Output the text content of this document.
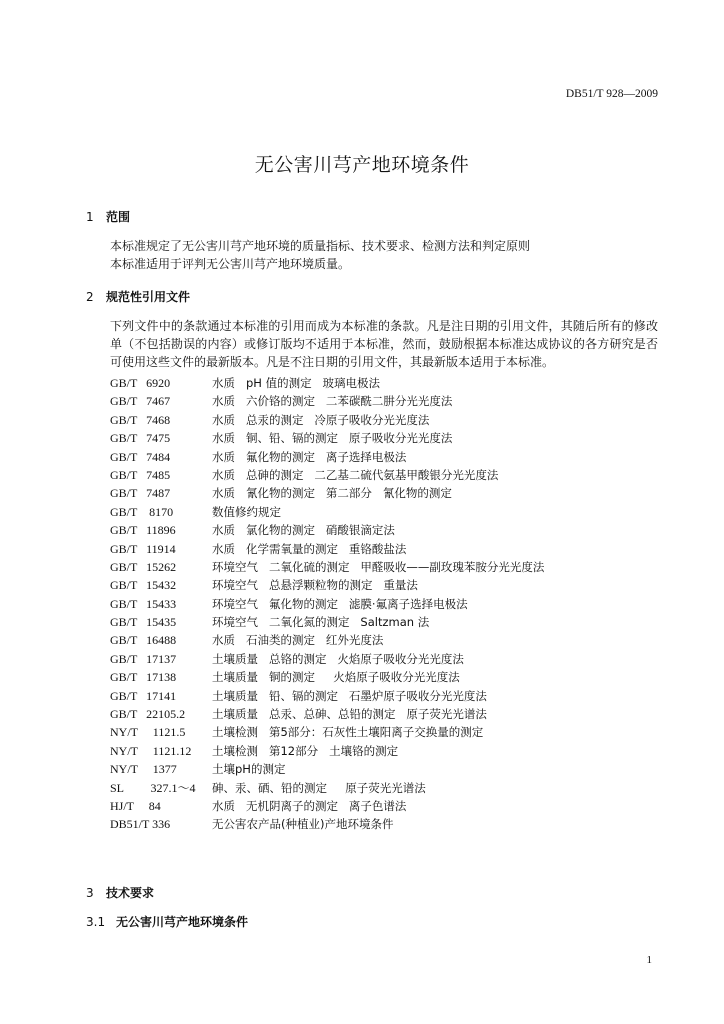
DB51/T 928—2009
无公害川芎产地环境条件
1 范围

本标准规定了无公害川芎产地环境的质量指标、技术要求、检测方法和判定原则

本标准适用于评判无公害川芎产地环境质量。

2 规范性引用文件

下列文件中的条款通过本标准的引用而成为本标准的条款。凡是注日期的引用文件，其随后所有的修改单（不包括勘误的内容）或修订版均不适用于本标准，然而，鼓励根据本标准达成协议的各方研究是否可使用这些文件的最新版本。凡是不注日期的引用文件，其最新版本适用于本标准。

GB/T   6920	水质   pH 值的测定   玻璃电极法
GB/T   7467	水质   六价铬的测定   二苯碳酰二肼分光光度法
GB/T   7468	水质   总汞的测定   冷原子吸收分光光度法
GB/T   7475	水质   铜、铅、镉的测定   原子吸收分光光度法
GB/T   7484	水质   氟化物的测定   离子选择电极法
GB/T   7485	水质   总砷的测定   二乙基二硫代氨基甲酸银分光光度法
GB/T   7487	水质   氰化物的测定   第二部分   氰化物的测定
GB/T    8170	数值修约规定
GB/T   11896	水质   氯化物的测定   硝酸银滴定法
GB/T   11914	水质   化学需氧量的测定   重铬酸盐法
GB/T   15262	环境空气   二氧化硫的测定   甲醛吸收——副玫瑰苯胺分光光度法
GB/T   15432	环境空气   总悬浮颗粒物的测定   重量法
GB/T   15433	环境空气   氟化物的测定   滤膜·氟离子选择电极法
GB/T   15435	环境空气   二氧化氮的测定   Saltzman 法
GB/T   16488	水质   石油类的测定   红外光度法
GB/T   17137	土壤质量   总铬的测定   火焰原子吸收分光光度法
GB/T   17138	土壤质量   铜的测定     火焰原子吸收分光光度法
GB/T   17141	土壤质量   铅、镉的测定   石墨炉原子吸收分光光度法
GB/T   22105.2 土壤质量   总汞、总砷、总铅的测定   原子荧光光谱法
NY/T     1121.5 土壤检测   第5部分：石灰性土壤阳离子交换量的测定
NY/T     1121.12 土壤检测   第12部分   土壤铬的测定
NY/T     1377	土壤pH的测定
SL         327.1～4 砷、汞、硒、铅的测定     原子荧光光谱法
HJ/T     84	水质   无机阴离子的测定   离子色谱法
DB51/T 336	无公害农产品(种植业)产地环境条件
3 技术要求
3.1 无公害川芎产地环境条件
1
